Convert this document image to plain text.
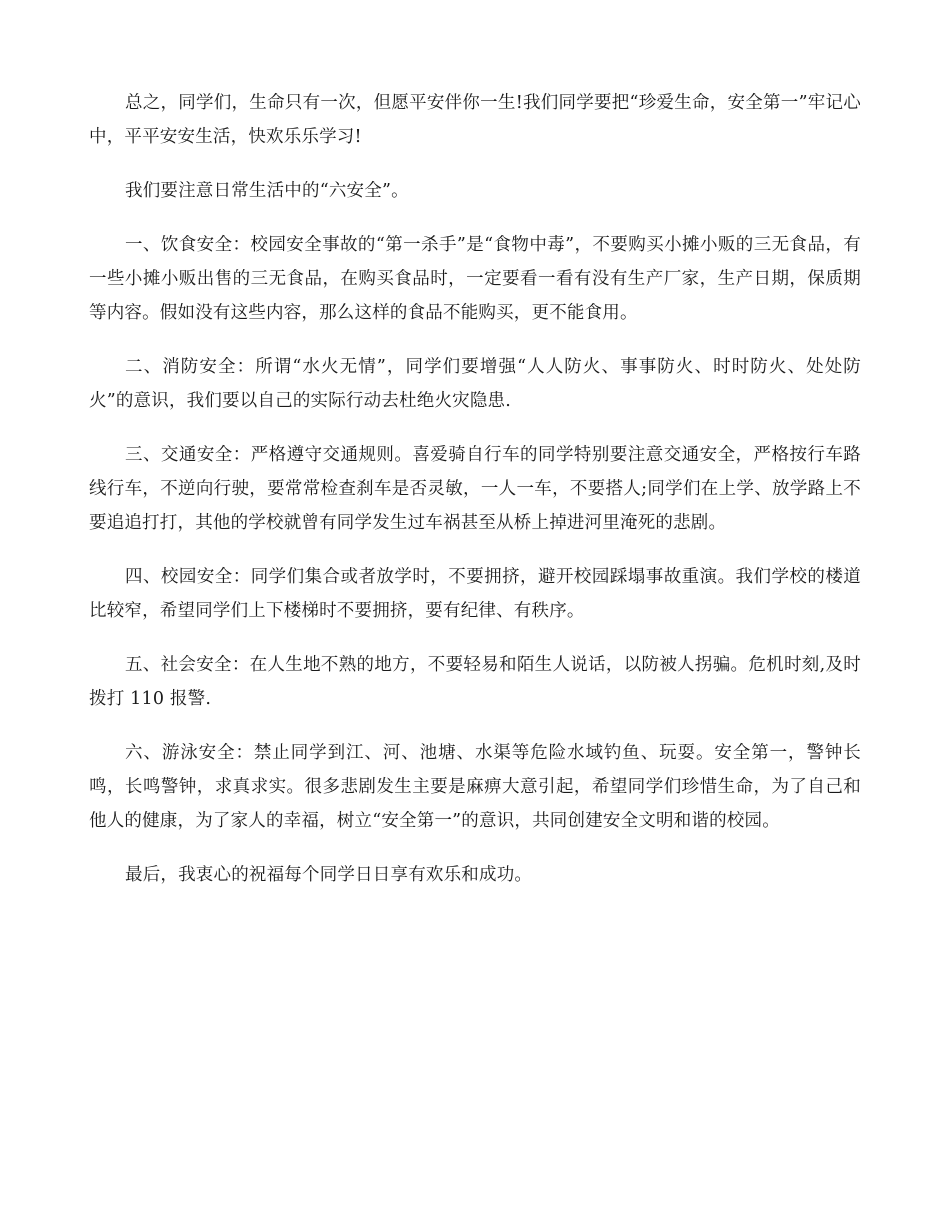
总之，同学们，生命只有一次，但愿平安伴你一生!我们同学要把“珍爱生命，安全第一”牢记心中，平平安安生活，快欢乐乐学习!

我们要注意日常生活中的“六安全”。

一、饮食安全：校园安全事故的“第一杀手”是“食物中毒”，不要购买小摊小贩的三无食品，有一些小摊小贩出售的三无食品，在购买食品时，一定要看一看有没有生产厂家，生产日期，保质期等内容。假如没有这些内容，那么这样的食品不能购买，更不能食用。

二、消防安全：所谓“水火无情”，同学们要增强“人人防火、事事防火、时时防火、处处防火”的意识，我们要以自己的实际行动去杜绝火灾隐患.

三、交通安全：严格遵守交通规则。喜爱骑自行车的同学特别要注意交通安全，严格按行车路线行车，不逆向行驶，要常常检查刹车是否灵敏，一人一车，不要搭人;同学们在上学、放学路上不要追追打打，其他的学校就曾有同学发生过车祸甚至从桥上掉进河里淹死的悲剧。

四、校园安全：同学们集合或者放学时，不要拥挤，避开校园踩塌事故重演。我们学校的楼道比较窄，希望同学们上下楼梯时不要拥挤，要有纪律、有秩序。

五、社会安全：在人生地不熟的地方，不要轻易和陌生人说话，以防被人拐骗。危机时刻,及时拨打 110 报警.

六、游泳安全：禁止同学到江、河、池塘、水渠等危险水域钓鱼、玩耍。安全第一，警钟长鸣，长鸣警钟，求真求实。很多悲剧发生主要是麻痹大意引起，希望同学们珍惜生命，为了自己和他人的健康，为了家人的幸福，树立“安全第一”的意识，共同创建安全文明和谐的校园。

最后，我衷心的祝福每个同学日日享有欢乐和成功。
